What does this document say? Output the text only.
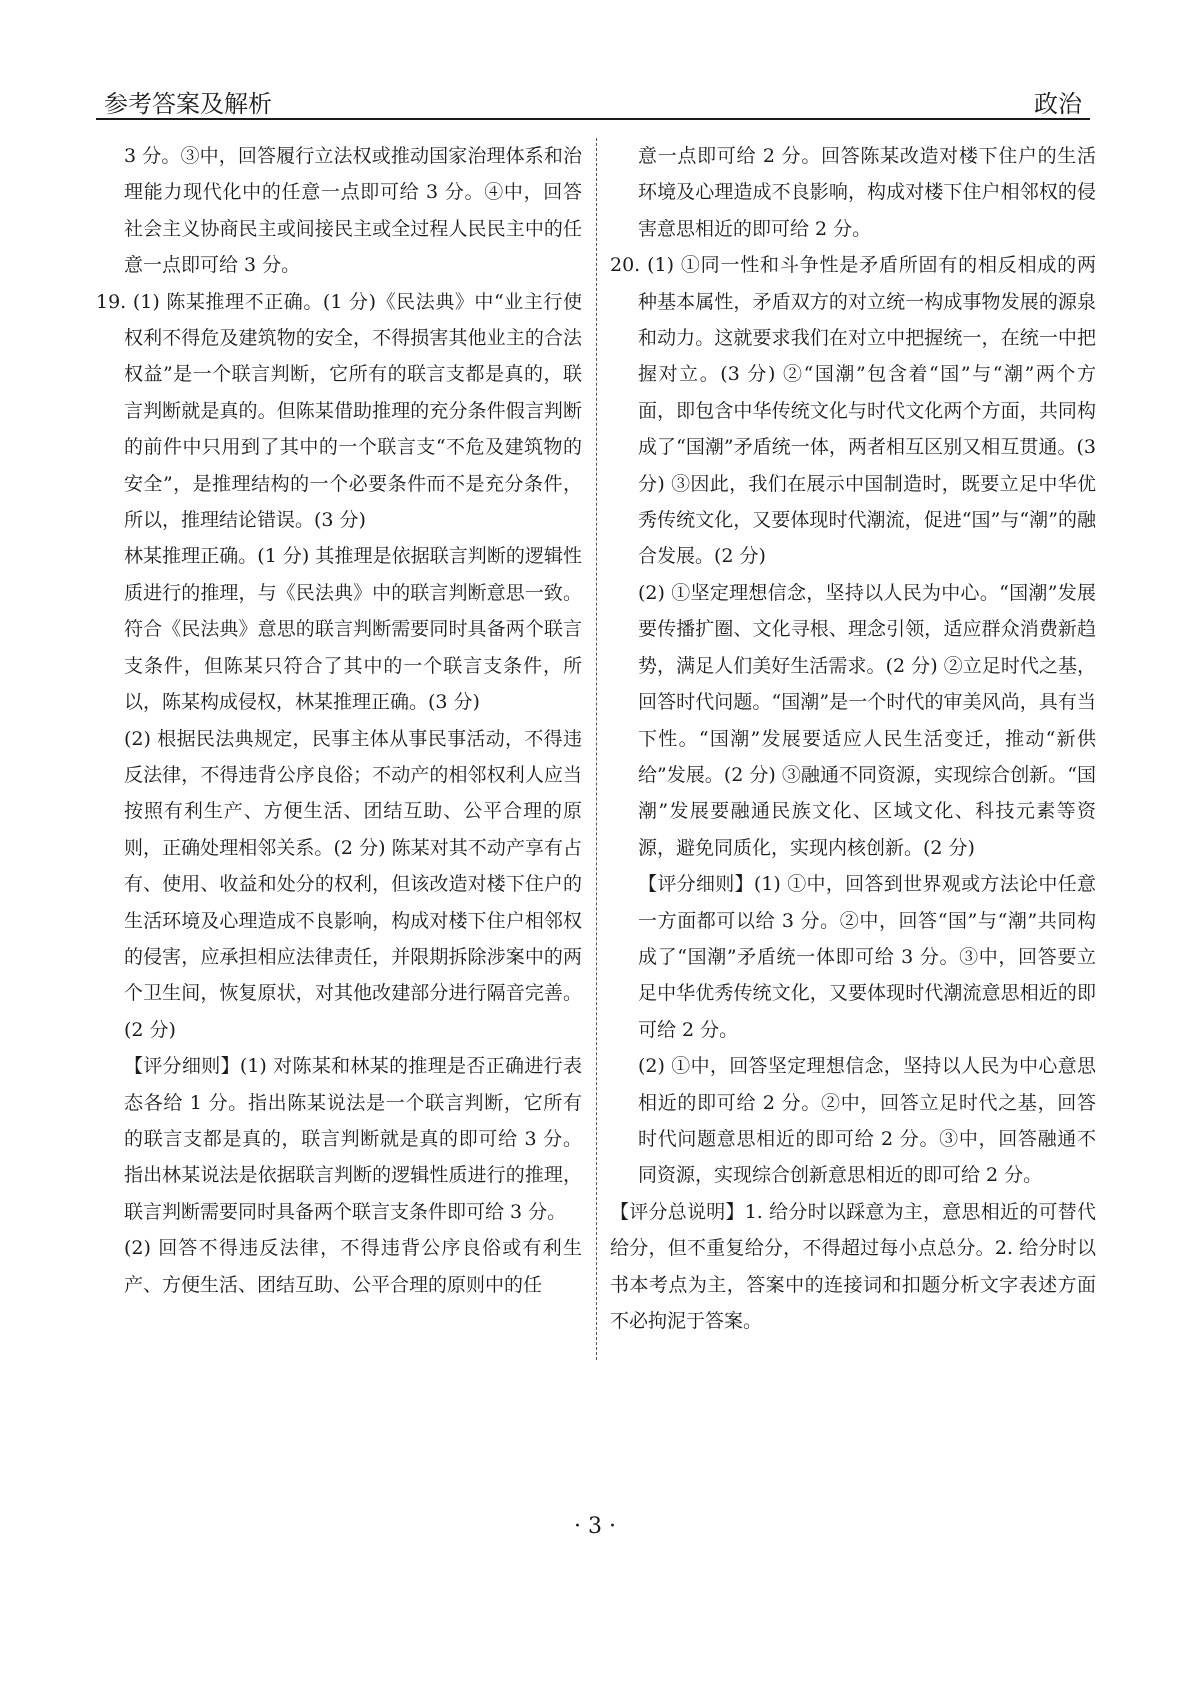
参考答案及解析	政治

3 分。③中，回答履行立法权或推动国家治理体系和治理能力现代化中的任意一点即可给 3 分。④中，回答社会主义协商民主或间接民主或全过程人民民主中的任意一点即可给 3 分。

19. (1) 陈某推理不正确。(1 分)《民法典》中“业主行使权利不得危及建筑物的安全，不得损害其他业主的合法权益”是一个联言判断，它所有的联言支都是真的，联言判断就是真的。但陈某借助推理的充分条件假言判断的前件中只用到了其中的一个联言支“不危及建筑物的安全”，是推理结构的一个必要条件而不是充分条件，所以，推理结论错误。(3 分)

林某推理正确。(1 分) 其推理是依据联言判断的逻辑性质进行的推理，与《民法典》中的联言判断意思一致。符合《民法典》意思的联言判断需要同时具备两个联言支条件，但陈某只符合了其中的一个联言支条件，所以，陈某构成侵权，林某推理正确。(3 分)

(2) 根据民法典规定，民事主体从事民事活动，不得违反法律，不得违背公序良俗；不动产的相邻权利人应当按照有利生产、方便生活、团结互助、公平合理的原则，正确处理相邻关系。(2 分) 陈某对其不动产享有占有、使用、收益和处分的权利，但该改造对楼下住户的生活环境及心理造成不良影响，构成对楼下住户相邻权的侵害，应承担相应法律责任，并限期拆除涉案中的两个卫生间，恢复原状，对其他改建部分进行隔音完善。(2 分)

【评分细则】(1) 对陈某和林某的推理是否正确进行表态各给 1 分。指出陈某说法是一个联言判断，它所有的联言支都是真的，联言判断就是真的即可给 3 分。指出林某说法是依据联言判断的逻辑性质进行的推理，联言判断需要同时具备两个联言支条件即可给 3 分。

(2) 回答不得违反法律，不得违背公序良俗或有利生产、方便生活、团结互助、公平合理的原则中的任

意一点即可给 2 分。回答陈某改造对楼下住户的生活环境及心理造成不良影响，构成对楼下住户相邻权的侵害意思相近的即可给 2 分。

20. (1) ①同一性和斗争性是矛盾所固有的相反相成的两种基本属性，矛盾双方的对立统一构成事物发展的源泉和动力。这就要求我们在对立中把握统一，在统一中把握对立。(3 分) ②“国潮”包含着“国”与“潮”两个方面，即包含中华传统文化与时代文化两个方面，共同构成了“国潮”矛盾统一体，两者相互区别又相互贯通。(3 分) ③因此，我们在展示中国制造时，既要立足中华优秀传统文化，又要体现时代潮流，促进“国”与“潮”的融合发展。(2 分)

(2) ①坚定理想信念，坚持以人民为中心。“国潮”发展要传播扩圈、文化寻根、理念引领，适应群众消费新趋势，满足人们美好生活需求。(2 分) ②立足时代之基，回答时代问题。“国潮”是一个时代的审美风尚，具有当下性。“国潮”发展要适应人民生活变迁，推动“新供给”发展。(2 分) ③融通不同资源，实现综合创新。“国潮”发展要融通民族文化、区域文化、科技元素等资源，避免同质化，实现内核创新。(2 分)

【评分细则】(1) ①中，回答到世界观或方法论中任意一方面都可以给 3 分。②中，回答“国”与“潮”共同构成了“国潮”矛盾统一体即可给 3 分。③中，回答要立足中华优秀传统文化，又要体现时代潮流意思相近的即可给 2 分。

(2) ①中，回答坚定理想信念，坚持以人民为中心意思相近的即可给 2 分。②中，回答立足时代之基，回答时代问题意思相近的即可给 2 分。③中，回答融通不同资源，实现综合创新意思相近的即可给 2 分。

【评分总说明】1. 给分时以踩意为主，意思相近的可替代给分，但不重复给分，不得超过每小点总分。2. 给分时以书本考点为主，答案中的连接词和扣题分析文字表述方面不必拘泥于答案。

· 3 ·
